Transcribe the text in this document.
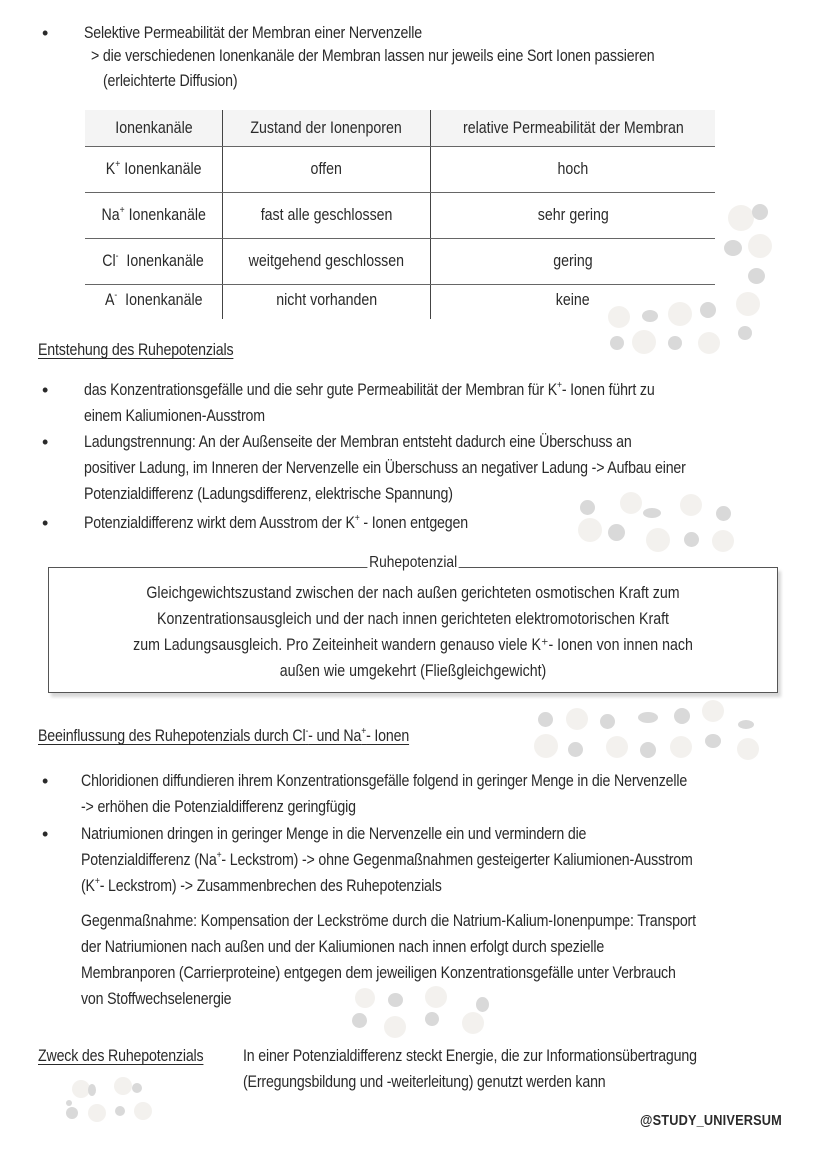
• Selektive Permeabilität der Membran einer Nervenzelle
> die verschiedenen Ionenkanäle der Membran lassen nur jeweils eine Sort Ionen passieren
(erleichterte Diffusion)
Ionenkanäle	Zustand der Ionenporen	relative Permeabilität der Membran
K+ Ionenkanäle	offen	hoch
Na+ Ionenkanäle	fast alle geschlossen	sehr gering
Cl-  Ionenkanäle	weitgehend geschlossen	gering
A-  Ionenkanäle	nicht vorhanden	keine
Entstehung des Ruhepotenzials
• das Konzentrationsgefälle und die sehr gute Permeabilität der Membran für K+- Ionen führt zu
einem Kaliumionen-Ausstrom
• Ladungstrennung: An der Außenseite der Membran entsteht dadurch eine Überschuss an
positiver Ladung, im Inneren der Nervenzelle ein Überschuss an negativer Ladung -> Aufbau einer
Potenzialdifferenz (Ladungsdifferenz, elektrische Spannung)
• Potenzialdifferenz wirkt dem Ausstrom der K+ - Ionen entgegen
Ruhepotenzial
Gleichgewichtszustand zwischen der nach außen gerichteten osmotischen Kraft zum
Konzentrationsausgleich und der nach innen gerichteten elektromotorischen Kraft
zum Ladungsausgleich. Pro Zeiteinheit wandern genauso viele K⁺- Ionen von innen nach
außen wie umgekehrt (Fließgleichgewicht)
Beeinflussung des Ruhepotenzials durch Cl-- und Na+- Ionen
• Chloridionen diffundieren ihrem Konzentrationsgefälle folgend in geringer Menge in die Nervenzelle
-> erhöhen die Potenzialdifferenz geringfügig
• Natriumionen dringen in geringer Menge in die Nervenzelle ein und vermindern die
Potenzialdifferenz (Na+- Leckstrom) -> ohne Gegenmaßnahmen gesteigerter Kaliumionen-Ausstrom
(K+- Leckstrom) -> Zusammenbrechen des Ruhepotenzials
Gegenmaßnahme: Kompensation der Leckströme durch die Natrium-Kalium-Ionenpumpe: Transport
der Natriumionen nach außen und der Kaliumionen nach innen erfolgt durch spezielle
Membranporen (Carrierproteine) entgegen dem jeweiligen Konzentrationsgefälle unter Verbrauch
von Stoffwechselenergie
Zweck des Ruhepotenzials In einer Potenzialdifferenz steckt Energie, die zur Informationsübertragung
(Erregungsbildung und -weiterleitung) genutzt werden kann
@STUDY_UNIVERSUM
